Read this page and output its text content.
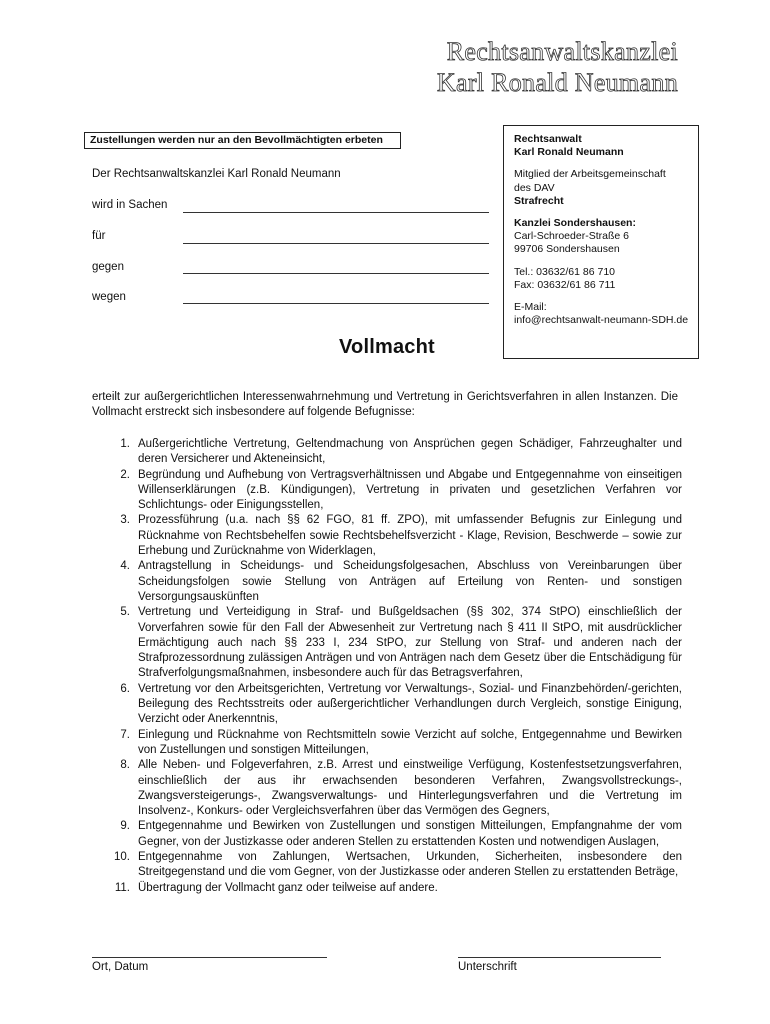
Rechtsanwaltskanzlei
Karl Ronald Neumann
Zustellungen werden nur an den Bevollmächtigten erbeten	Rechtsanwalt
Karl Ronald Neumann
Mitglied der Arbeitsgemeinschaft
des DAV
Strafrecht
Kanzlei Sondershausen:
Carl-Schroeder-Straße 6
99706 Sondershausen
Tel.: 03632/61 86 710
Fax: 03632/61 86 711
E-Mail:
info@rechtsanwalt-neumann-SDH.de
Der Rechtsanwaltskanzlei Karl Ronald Neumann
wird in Sachen
für
gegen
wegen
Vollmacht
erteilt zur außergerichtlichen Interessenwahrnehmung und Vertretung in Gerichtsverfahren in allen Instanzen. Die Vollmacht erstreckt sich insbesondere auf folgende Befugnisse:
1. Außergerichtliche Vertretung, Geltendmachung von Ansprüchen gegen Schädiger, Fahrzeughalter und deren Versicherer und Akteneinsicht,
2. Begründung und Aufhebung von Vertragsverhältnissen und Abgabe und Entgegennahme von einseitigen Willenserklärungen (z.B. Kündigungen), Vertretung in privaten und gesetzlichen Verfahren vor Schlichtungs- oder Einigungsstellen,
3. Prozessführung (u.a. nach §§ 62 FGO, 81 ff. ZPO), mit umfassender Befugnis zur Einlegung und Rücknahme von Rechtsbehelfen sowie Rechtsbehelfsverzicht - Klage, Revision, Beschwerde – sowie zur Erhebung und Zurücknahme von Widerklagen,
4. Antragstellung in Scheidungs- und Scheidungsfolgesachen, Abschluss von Vereinbarungen über Scheidungsfolgen sowie Stellung von Anträgen auf Erteilung von Renten- und sonstigen Versorgungsauskünften
5. Vertretung und Verteidigung in Straf- und Bußgeldsachen (§§ 302, 374 StPO) einschließlich der Vorverfahren sowie für den Fall der Abwesenheit zur Vertretung nach § 411 II StPO, mit ausdrücklicher Ermächtigung auch nach §§ 233 I, 234 StPO, zur Stellung von Straf- und anderen nach der Strafprozessordnung zulässigen Anträgen und von Anträgen nach dem Gesetz über die Entschädigung für Strafverfolgungsmaßnahmen, insbesondere auch für das Betragsverfahren,
6. Vertretung vor den Arbeitsgerichten, Vertretung vor Verwaltungs-, Sozial- und Finanzbehörden/-gerichten, Beilegung des Rechtsstreits oder außergerichtlicher Verhandlungen durch Vergleich, sonstige Einigung, Verzicht oder Anerkenntnis,
7. Einlegung und Rücknahme von Rechtsmitteln sowie Verzicht auf solche, Entgegennahme und Bewirken von Zustellungen und sonstigen Mitteilungen,
8. Alle Neben- und Folgeverfahren, z.B. Arrest und einstweilige Verfügung, Kostenfestsetzungsverfahren, einschließlich der aus ihr erwachsenden besonderen Verfahren, Zwangsvollstreckungs-, Zwangsversteigerungs-, Zwangsverwaltungs- und Hinterlegungsverfahren und die Vertretung im Insolvenz-, Konkurs- oder Vergleichsverfahren über das Vermögen des Gegners,
9. Entgegennahme und Bewirken von Zustellungen und sonstigen Mitteilungen, Empfangnahme der vom Gegner, von der Justizkasse oder anderen Stellen zu erstattenden Kosten und notwendigen Auslagen,
10. Entgegennahme von Zahlungen, Wertsachen, Urkunden, Sicherheiten, insbesondere den Streitgegenstand und die vom Gegner, von der Justizkasse oder anderen Stellen zu erstattenden Beträge,
11. Übertragung der Vollmacht ganz oder teilweise auf andere.
Ort, Datum	Unterschrift
